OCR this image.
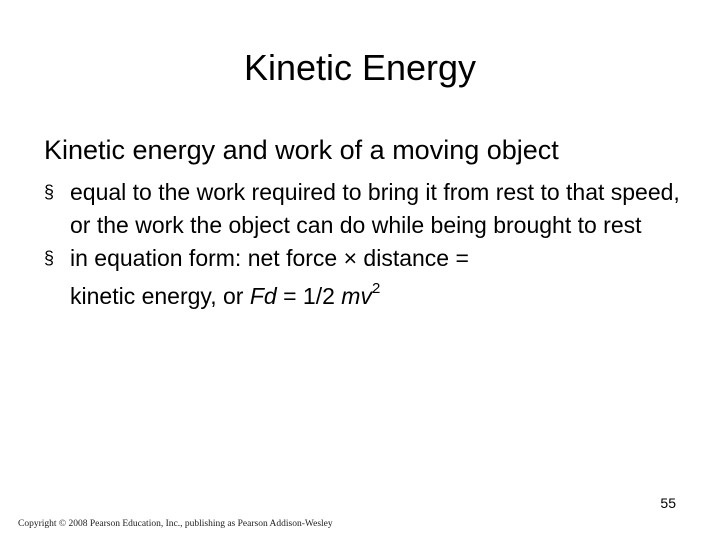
Kinetic Energy
Kinetic energy and work of a moving object
§ equal to the work required to bring it from rest to that speed, or the work the object can do while being brought to rest
§ in equation form: net force × distance =
kinetic energy, or Fd = 1/2 $mv^2$
55
Copyright © 2008 Pearson Education, Inc., publishing as Pearson Addison-Wesley
